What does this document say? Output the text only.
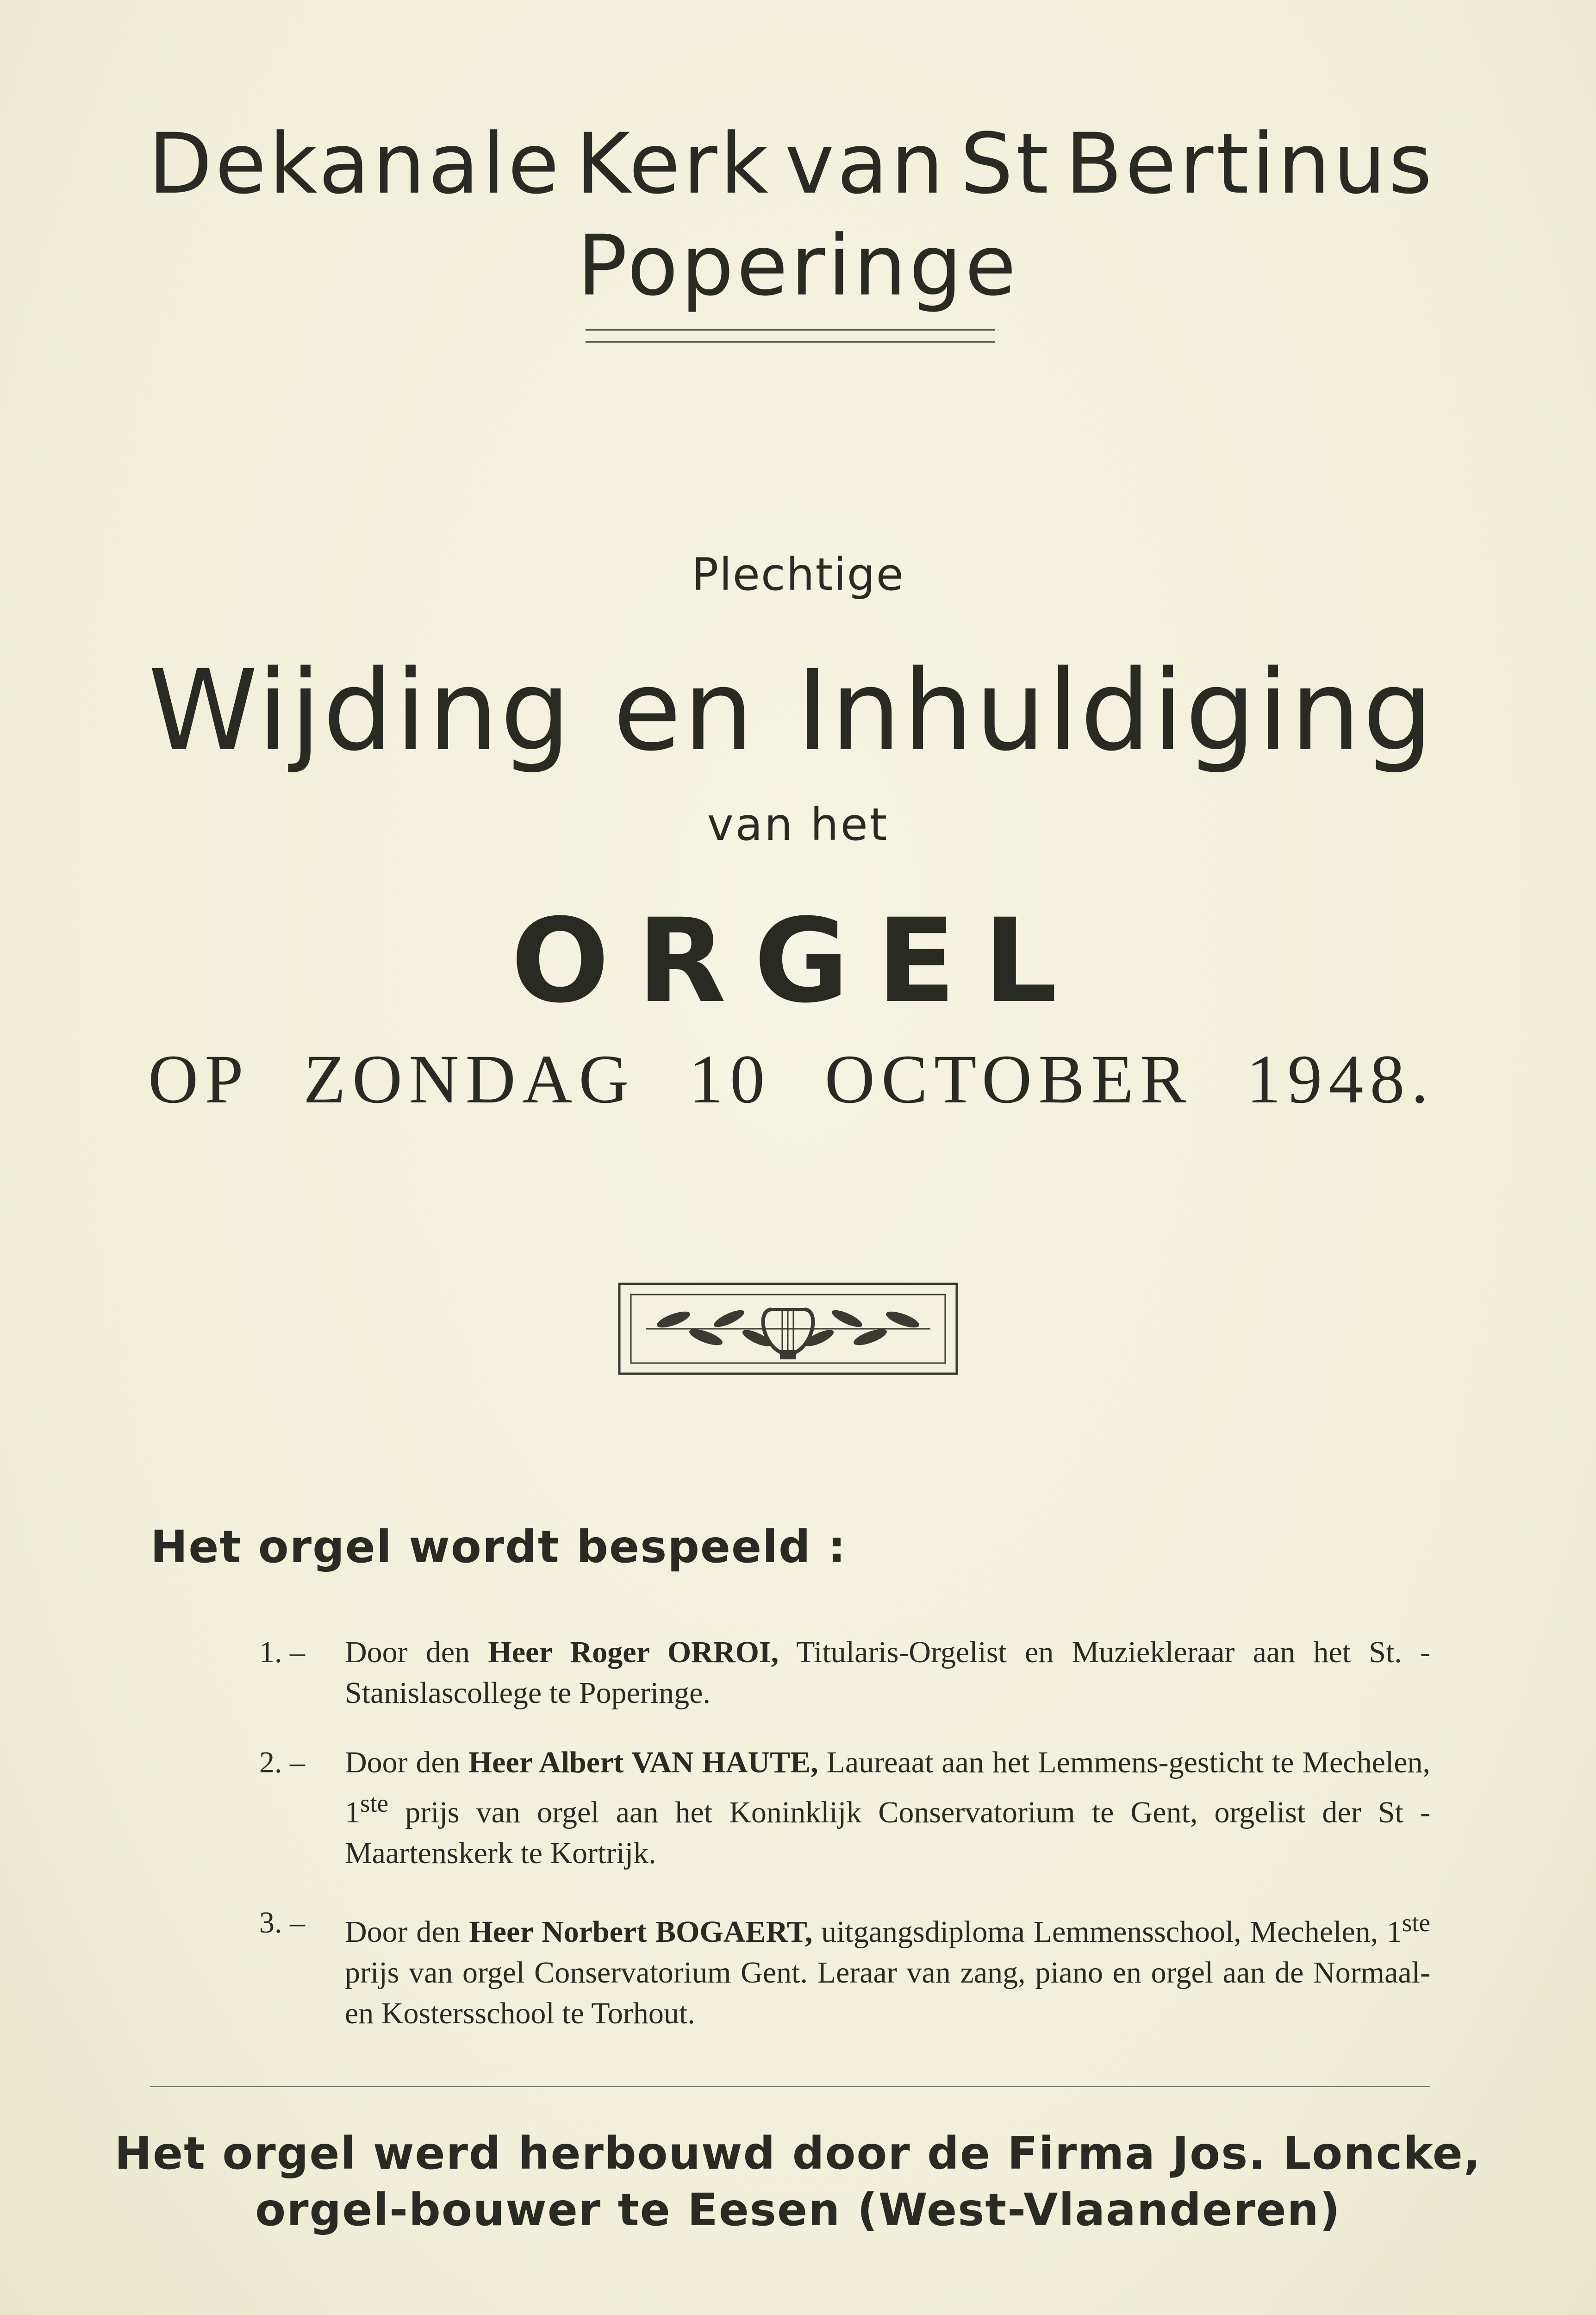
Dekanale Kerk van St Bertinus
Poperinge
Plechtige
Wijding en Inhuldiging
van het
ORGEL
OP ZONDAG 10 OCTOBER 1948.
Het orgel wordt bespeeld :
1. – Door den Heer Roger ORROI, Titularis-Orgelist en Muziekleraar aan het St. - Stanislascollege te Poperinge.
2. – Door den Heer Albert VAN HAUTE, Laureaat aan het Lemmens-gesticht te Mechelen, 1ste prijs van orgel aan het Koninklijk Conservatorium te Gent, orgelist der St - Maartenskerk te Kortrijk.
3. – Door den Heer Norbert BOGAERT, uitgangsdiploma Lemmensschool, Mechelen, 1ste prijs van orgel Conservatorium Gent. Leraar van zang, piano en orgel aan de Normaal- en Kostersschool te Torhout.
Het orgel werd herbouwd door de Firma Jos. Loncke,
orgel-bouwer te Eesen (West-Vlaanderen)
